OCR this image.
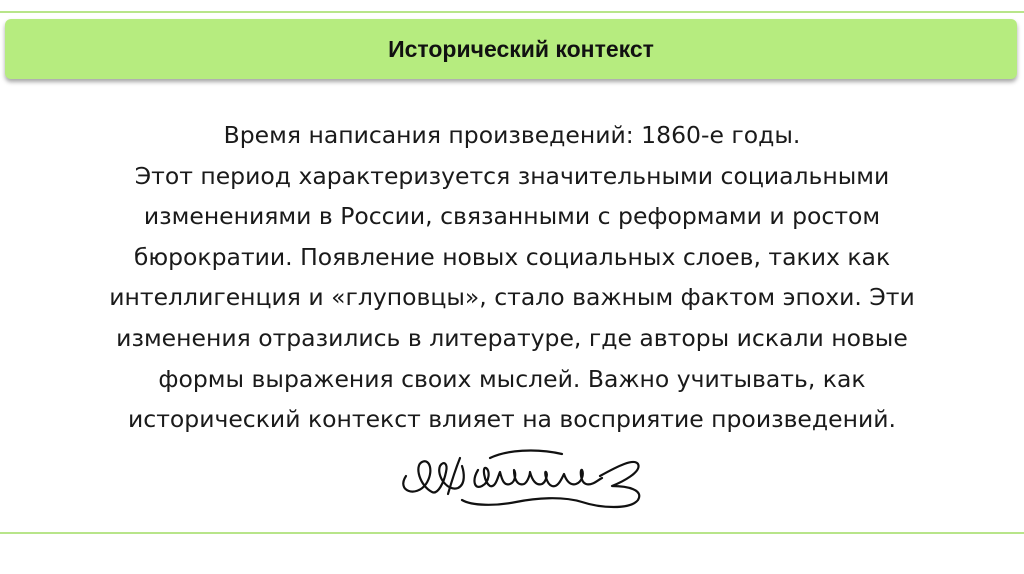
Исторический контекст
Время написания произведений: 1860-е годы.
Этот период характеризуется значительными социальными
изменениями в России, связанными с реформами и ростом
бюрократии. Появление новых социальных слоев, таких как
интеллигенция и «глуповцы», стало важным фактом эпохи. Эти
изменения отразились в литературе, где авторы искали новые
формы выражения своих мыслей. Важно учитывать, как
исторический контекст влияет на восприятие произведений.
